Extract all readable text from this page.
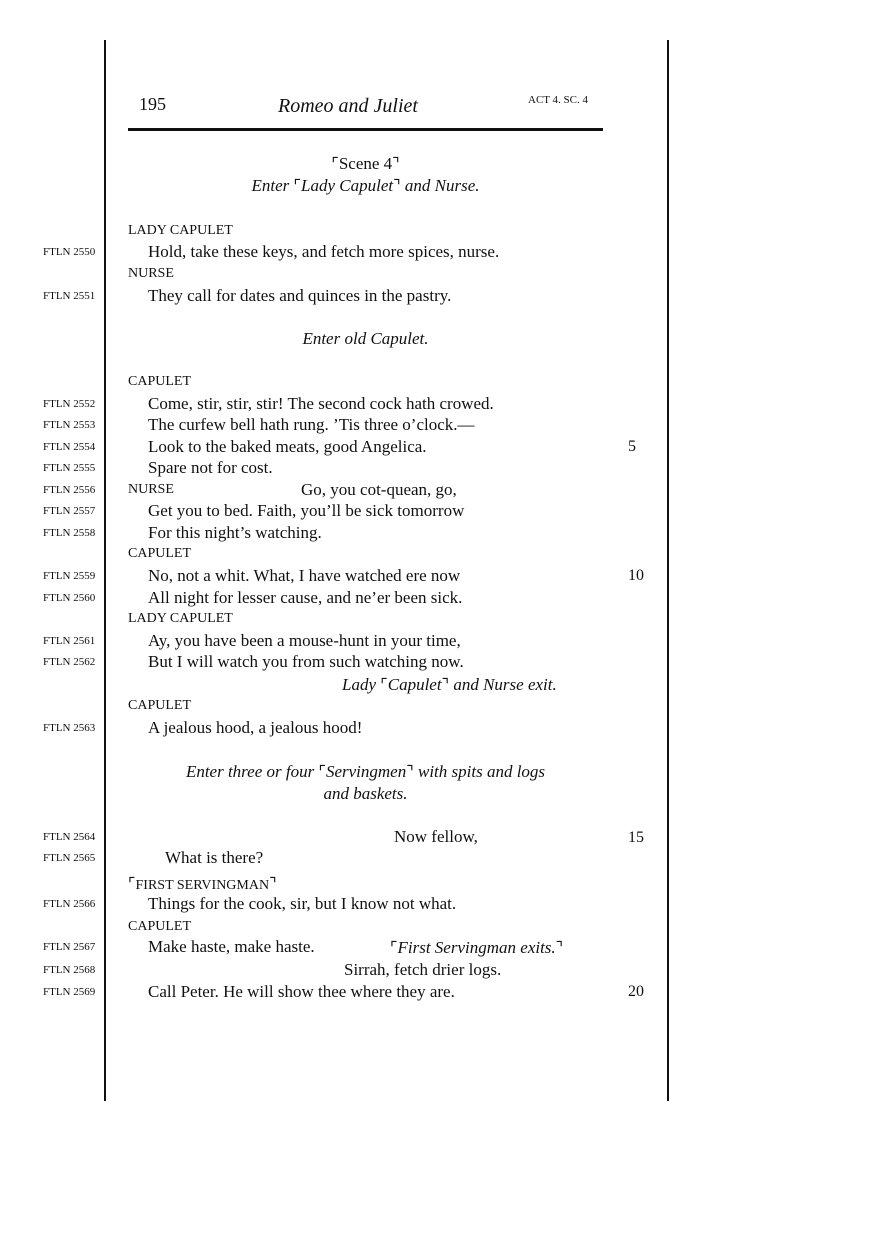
195	Romeo and Juliet	ACT 4. SC. 4
⌜Scene 4⌝
Enter ⌜Lady Capulet⌝ and Nurse.
LADY CAPULET
FTLN 2550	Hold, take these keys, and fetch more spices, nurse.
NURSE
FTLN 2551	They call for dates and quinces in the pastry.
Enter old Capulet.
CAPULET
FTLN 2552	Come, stir, stir, stir! The second cock hath crowed.
FTLN 2553	The curfew bell hath rung. ’Tis three o’clock.—
FTLN 2554	Look to the baked meats, good Angelica.	5
FTLN 2555	Spare not for cost.
FTLN 2556 NURSE	Go, you cot-quean, go,
FTLN 2557	Get you to bed. Faith, you’ll be sick tomorrow
FTLN 2558	For this night’s watching.
CAPULET
FTLN 2559	No, not a whit. What, I have watched ere now	10
FTLN 2560	All night for lesser cause, and ne’er been sick.
LADY CAPULET
FTLN 2561	Ay, you have been a mouse-hunt in your time,
FTLN 2562	But I will watch you from such watching now.
Lady ⌜Capulet⌝ and Nurse exit.
CAPULET
FTLN 2563	A jealous hood, a jealous hood!
Enter three or four ⌜Servingmen⌝ with spits and logs
and baskets.
FTLN 2564	Now fellow,	15
FTLN 2565	What is there?
⌜FIRST SERVINGMAN⌝
FTLN 2566	Things for the cook, sir, but I know not what.
CAPULET
FTLN 2567	Make haste, make haste.	⌜First Servingman exits.⌝
FTLN 2568	Sirrah, fetch drier logs.
FTLN 2569	Call Peter. He will show thee where they are.	20
